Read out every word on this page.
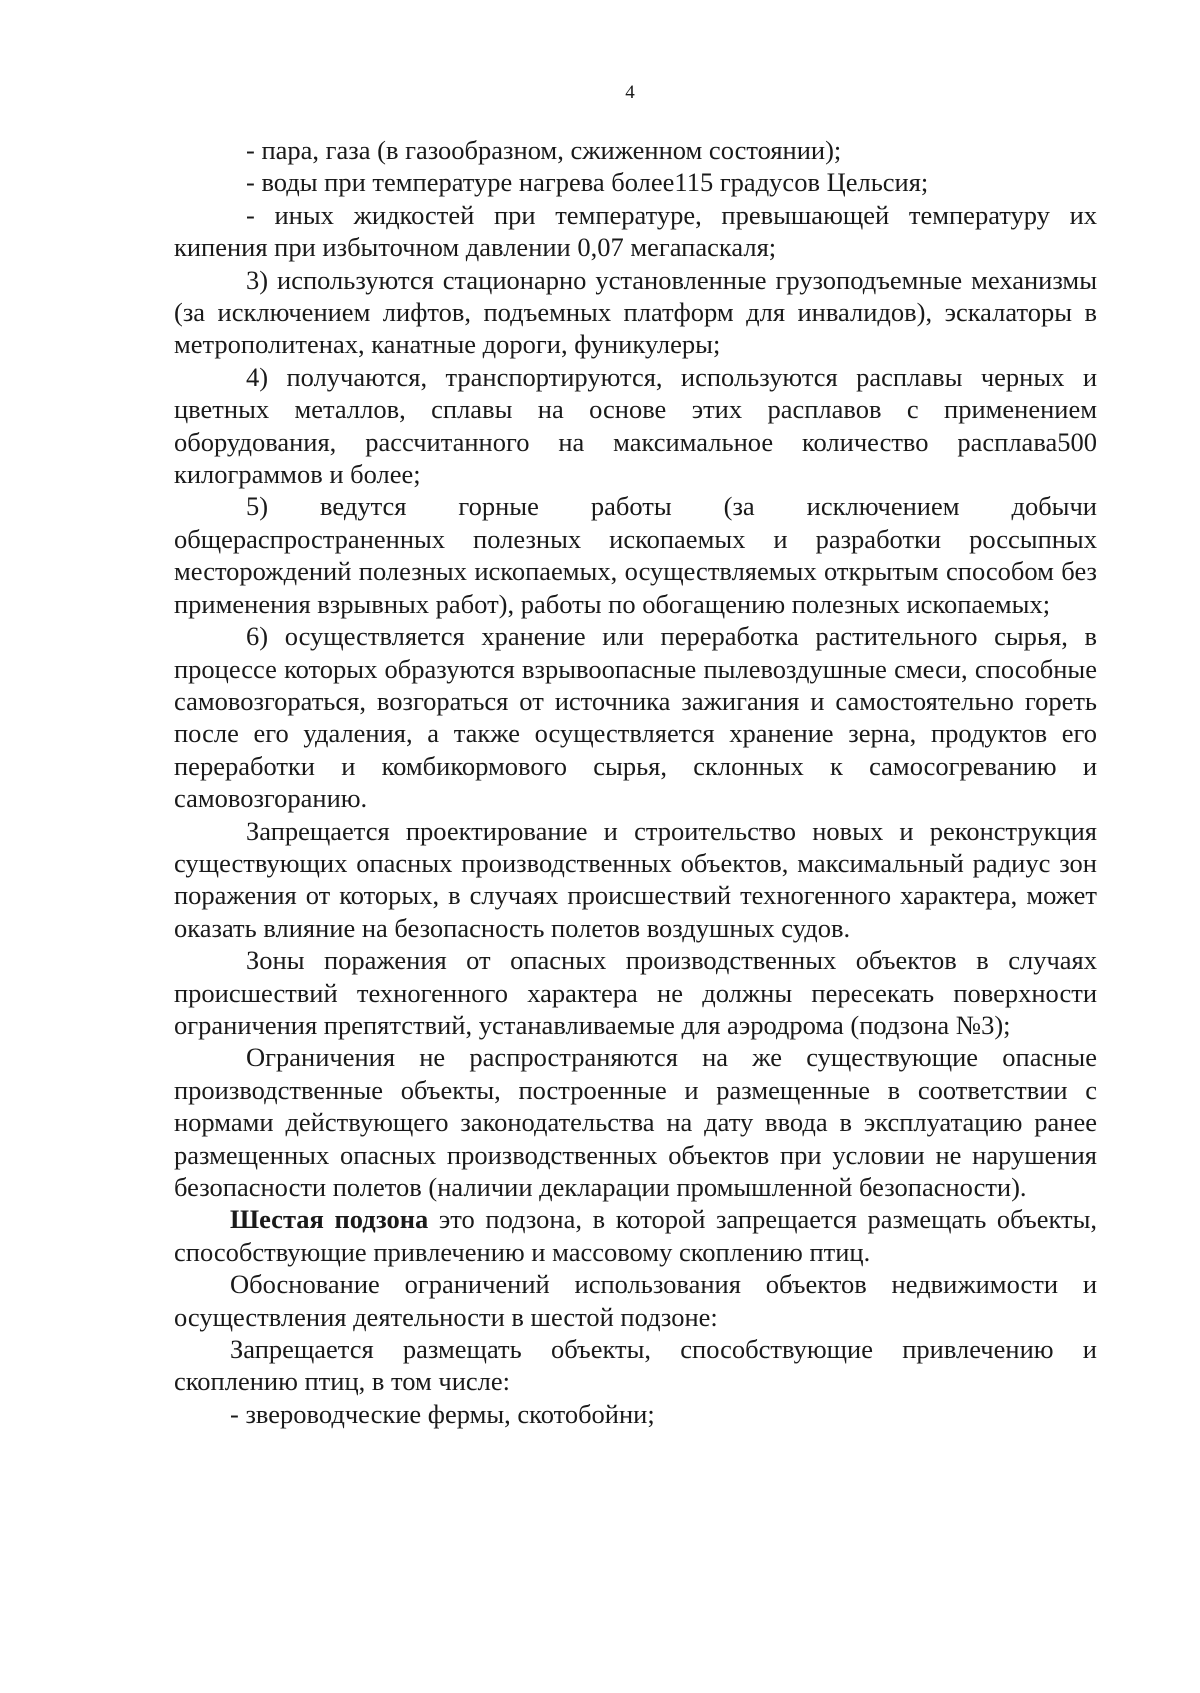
4

- пара, газа (в газообразном, сжиженном состоянии);

- воды при температуре нагрева более115 градусов Цельсия;

- иных жидкостей при температуре, превышающей температуру их кипения при избыточном давлении 0,07 мегапаскаля;

3) используются стационарно установленные грузоподъемные механизмы (за исключением лифтов, подъемных платформ для инвалидов), эскалаторы в метрополитенах, канатные дороги, фуникулеры;

4) получаются, транспортируются, используются расплавы черных и цветных металлов, сплавы на основе этих расплавов с применением оборудования, рассчитанного на максимальное количество расплава500 килограммов и более;

5) ведутся горные работы (за исключением добычи общераспространенных полезных ископаемых и разработки россыпных месторождений полезных ископаемых, осуществляемых открытым способом без применения взрывных работ), работы по обогащению полезных ископаемых;

6) осуществляется хранение или переработка растительного сырья, в процессе которых образуются взрывоопасные пылевоздушные смеси, способные самовозгораться, возгораться от источника зажигания и самостоятельно гореть после его удаления, а также осуществляется хранение зерна, продуктов его переработки и комбикормового сырья, склонных к самосогреванию и самовозгоранию.

Запрещается проектирование и строительство новых и реконструкция существующих опасных производственных объектов, максимальный радиус зон поражения от которых, в случаях происшествий техногенного характера, может оказать влияние на безопасность полетов воздушных судов.

Зоны поражения от опасных производственных объектов в случаях происшествий техногенного характера не должны пересекать поверхности ограничения препятствий, устанавливаемые для аэродрома (подзона №3);

Ограничения не распространяются на же существующие опасные производственные объекты, построенные и размещенные в соответствии с нормами действующего законодательства на дату ввода в эксплуатацию ранее размещенных опасных производственных объектов при условии не нарушения безопасности полетов (наличии декларации промышленной безопасности).

Шестая подзона это подзона, в которой запрещается размещать объекты, способствующие привлечению и массовому скоплению птиц.

Обоснование ограничений использования объектов недвижимости и осуществления деятельности в шестой подзоне:

Запрещается размещать объекты, способствующие привлечению и скоплению птиц, в том числе:

- звероводческие фермы, скотобойни;
